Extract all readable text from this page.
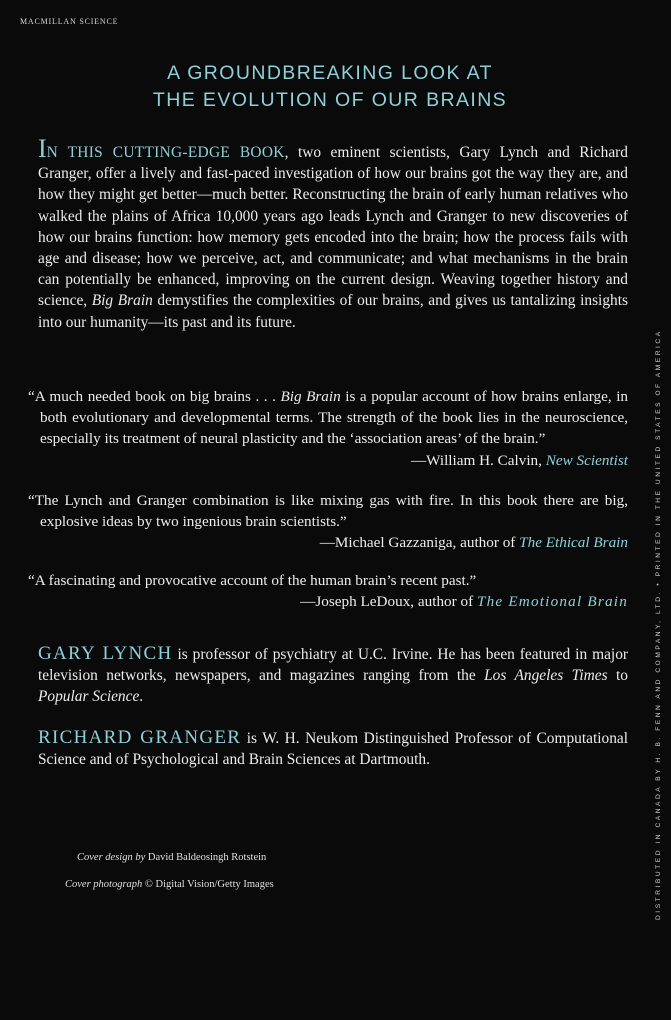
MACMILLAN SCIENCE
A GROUNDBREAKING LOOK AT
THE EVOLUTION OF OUR BRAINS
IN THIS CUTTING-EDGE BOOK, two eminent scientists, Gary Lynch and Richard Granger, offer a lively and fast-paced investigation of how our brains got the way they are, and how they might get better—much better. Reconstructing the brain of early human relatives who walked the plains of Africa 10,000 years ago leads Lynch and Granger to new discoveries of how our brains function: how memory gets encoded into the brain; how the process fails with age and disease; how we perceive, act, and communicate; and what mechanisms in the brain can potentially be enhanced, improving on the current design. Weaving together history and science, Big Brain demystifies the complexities of our brains, and gives us tantalizing insights into our humanity—its past and its future.
“A much needed book on big brains . . . Big Brain is a popular account of how brains enlarge, in both evolutionary and developmental terms. The strength of the book lies in the neuroscience, especially its treatment of neural plasticity and the ‘association areas’ of the brain.”
—William H. Calvin, New Scientist
“The Lynch and Granger combination is like mixing gas with fire. In this book there are big, explosive ideas by two ingenious brain scientists.”
—Michael Gazzaniga, author of The Ethical Brain
“A fascinating and provocative account of the human brain’s recent past.”
—Joseph LeDoux, author of The Emotional Brain
GARY LYNCH is professor of psychiatry at U.C. Irvine. He has been featured in major television networks, newspapers, and magazines ranging from the Los Angeles Times to Popular Science.
RICHARD GRANGER is W. H. Neukom Distinguished Professor of Computational Science and of Psychological and Brain Sciences at Dartmouth.
Cover design by David Baldeosingh Rotstein
Cover photograph © Digital Vision/Getty Images	DISTRIBUTED IN CANADA BY H. B. FENN AND COMPANY, LTD. • PRINTED IN THE UNITED STATES OF AMERICA
